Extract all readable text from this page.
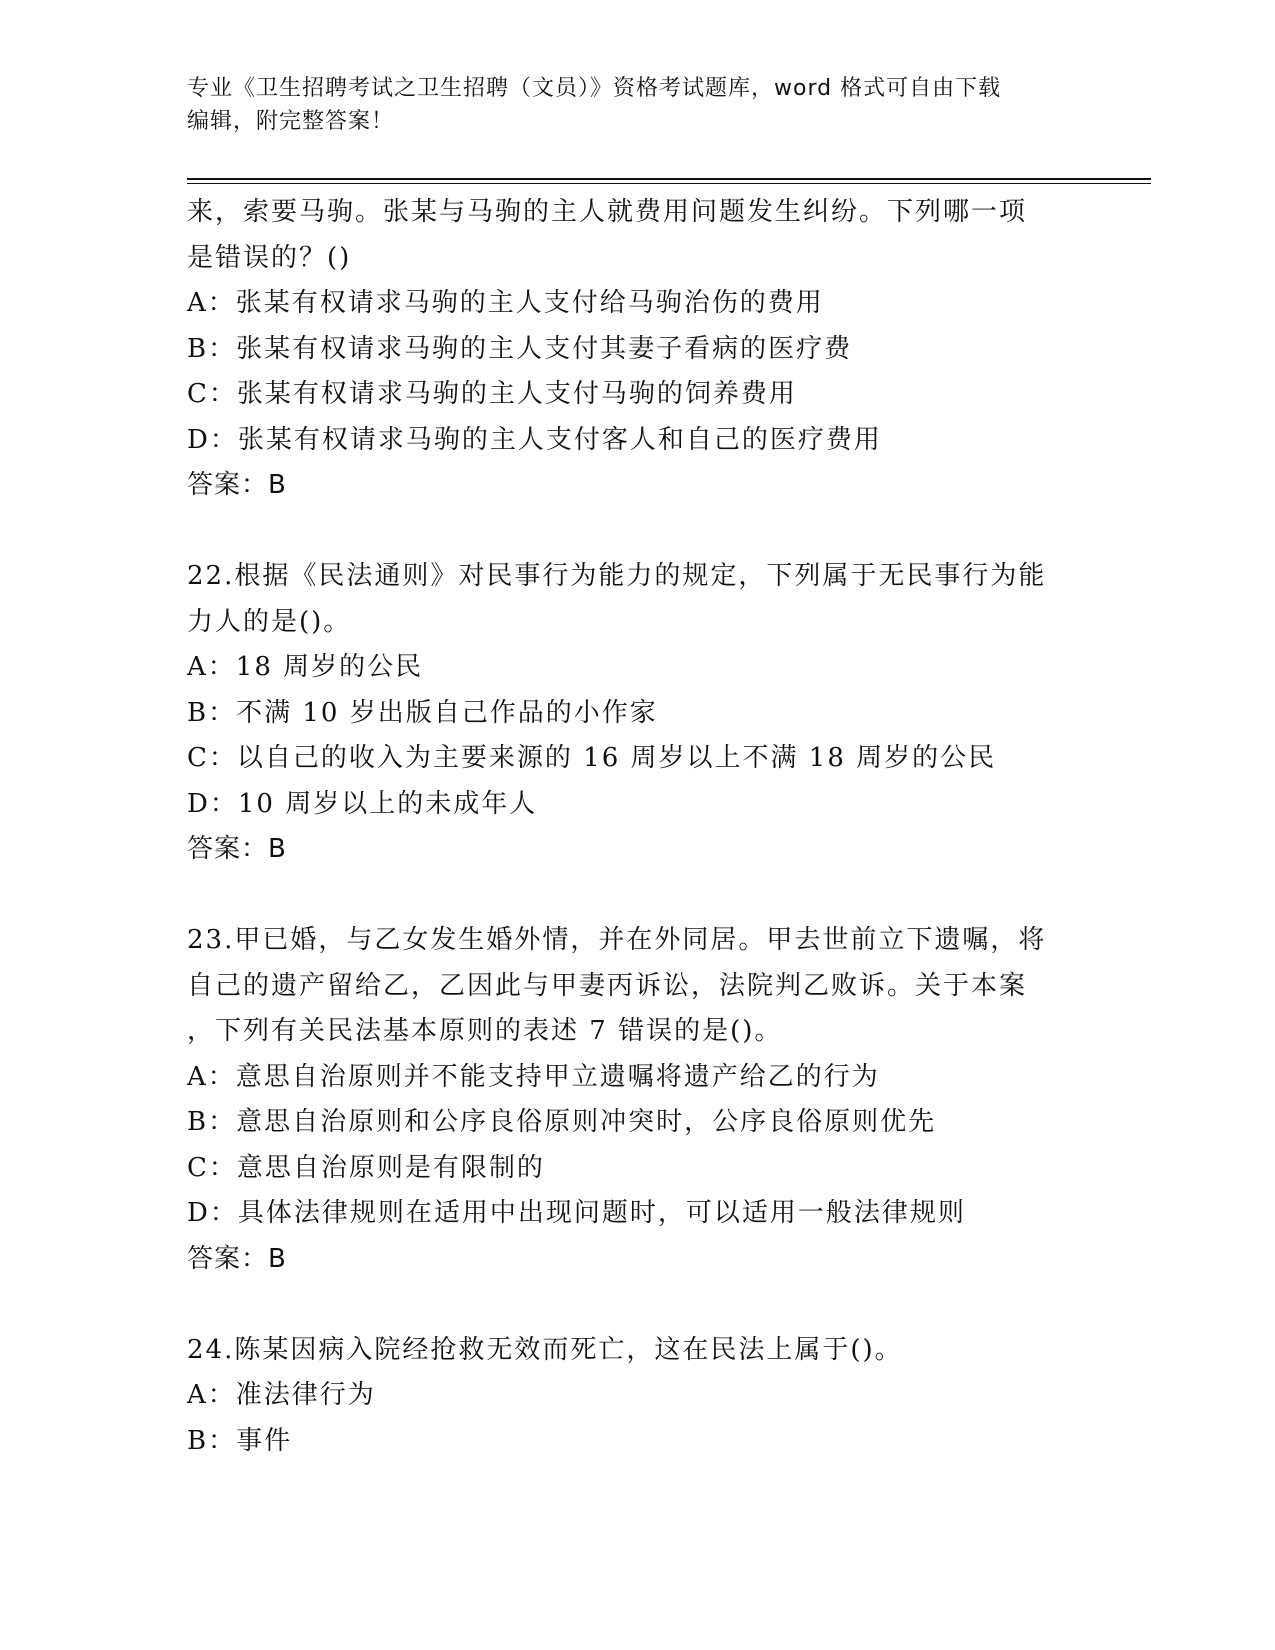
专业《卫生招聘考试之卫生招聘（文员）》资格考试题库，word 格式可自由下载
编辑，附完整答案！
来，索要马驹。张某与马驹的主人就费用问题发生纠纷。下列哪一项
是错误的？()
A：张某有权请求马驹的主人支付给马驹治伤的费用
B：张某有权请求马驹的主人支付其妻子看病的医疗费
C：张某有权请求马驹的主人支付马驹的饲养费用
D：张某有权请求马驹的主人支付客人和自己的医疗费用
答案：B
22.根据《民法通则》对民事行为能力的规定，下列属于无民事行为能
力人的是()。
A：18 周岁的公民
B：不满 10 岁出版自己作品的小作家
C：以自己的收入为主要来源的 16 周岁以上不满 18 周岁的公民
D：10 周岁以上的未成年人
答案：B
23.甲已婚，与乙女发生婚外情，并在外同居。甲去世前立下遗嘱，将
自己的遗产留给乙，乙因此与甲妻丙诉讼，法院判乙败诉。关于本案
，下列有关民法基本原则的表述 7 错误的是()。
A：意思自治原则并不能支持甲立遗嘱将遗产给乙的行为
B：意思自治原则和公序良俗原则冲突时，公序良俗原则优先
C：意思自治原则是有限制的
D：具体法律规则在适用中出现问题时，可以适用一般法律规则
答案：B
24.陈某因病入院经抢救无效而死亡，这在民法上属于()。
A：准法律行为
B：事件
